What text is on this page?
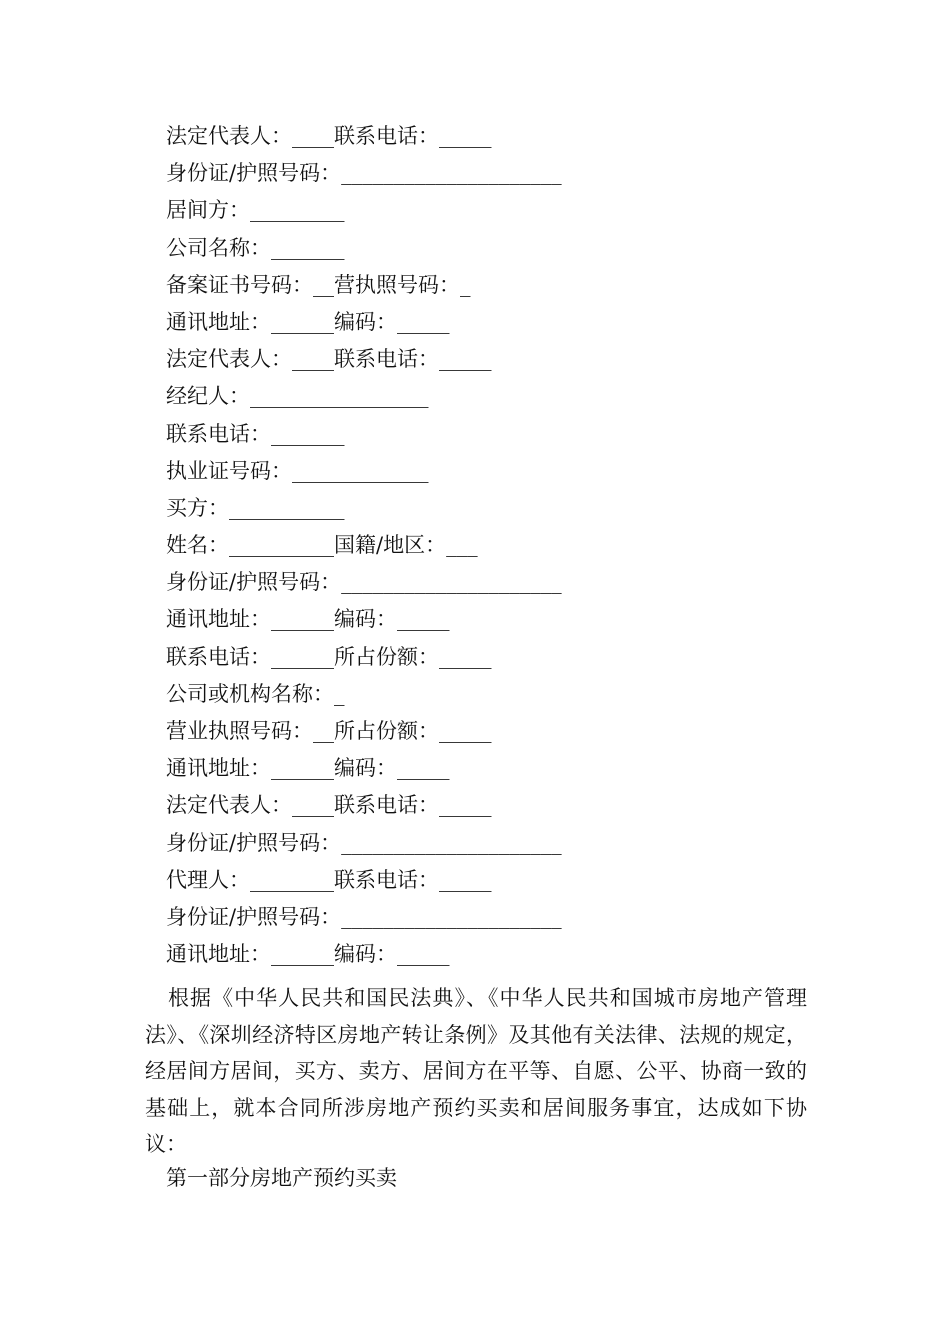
法定代表人：____联系电话：_____
身份证/护照号码：_____________________
居间方：_________
公司名称：_______
备案证书号码：__营执照号码：_
通讯地址：______编码：_____
法定代表人：____联系电话：_____
经纪人：_________________
联系电话：_______
执业证号码：_____________
买方：___________
姓名：__________国籍/地区：___
身份证/护照号码：_____________________
通讯地址：______编码：_____
联系电话：______所占份额：_____
公司或机构名称：_
营业执照号码：__所占份额：_____
通讯地址：______编码：_____
法定代表人：____联系电话：_____
身份证/护照号码：_____________________
代理人：________联系电话：_____
身份证/护照号码：_____________________
通讯地址：______编码：_____
根据《中华人民共和国民法典》、《中华人民共和国城市房地产管理法》、《深圳经济特区房地产转让条例》及其他有关法律、法规的规定，经居间方居间，买方、卖方、居间方在平等、自愿、公平、协商一致的基础上，就本合同所涉房地产预约买卖和居间服务事宜，达成如下协议：
第一部分房地产预约买卖
